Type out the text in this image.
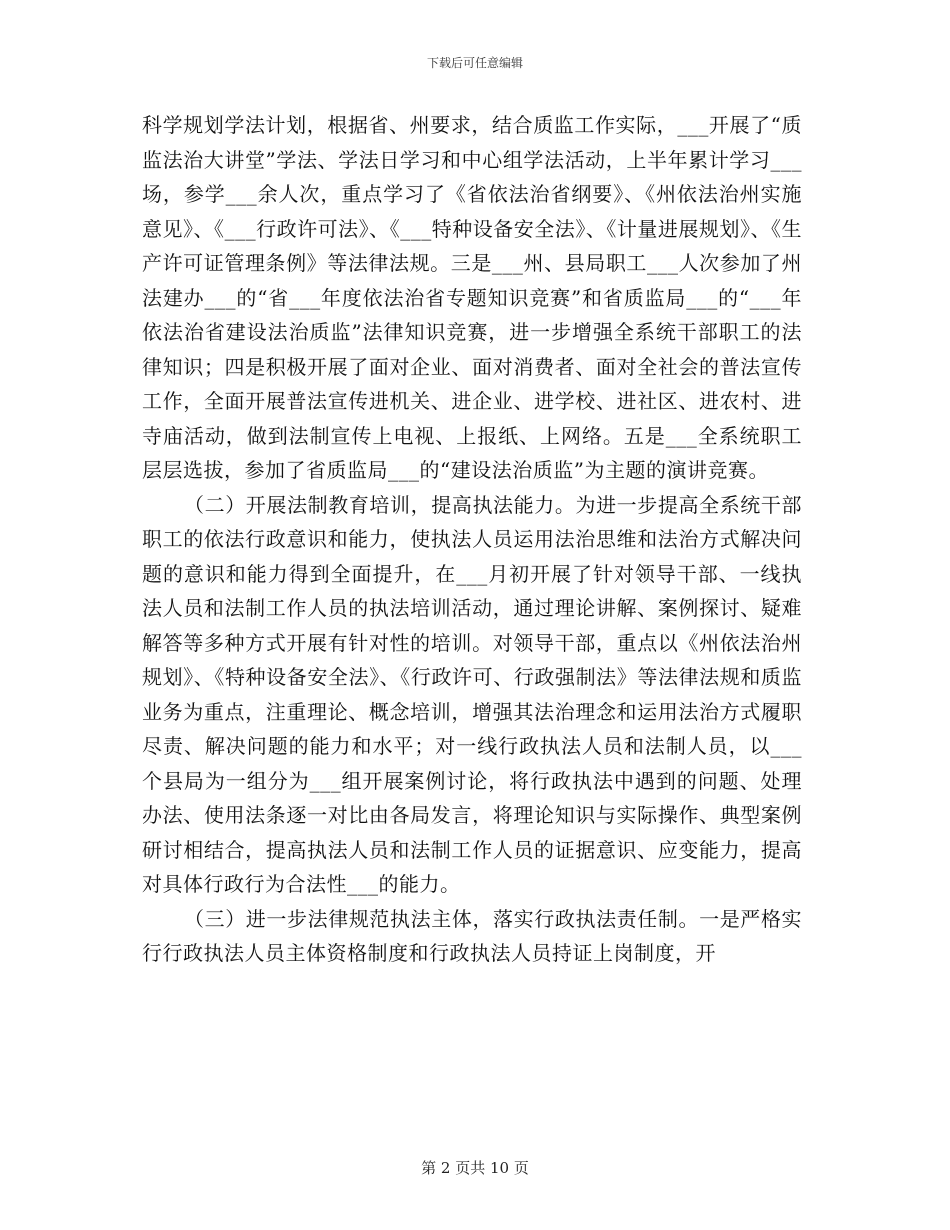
下载后可任意编辑

科学规划学法计划，根据省、州要求，结合质监工作实际，___开展了“质监法治大讲堂”学法、学法日学习和中心组学法活动，上半年累计学习___场，参学___余人次，重点学习了《省依法治省纲要》、《州依法治州实施意见》、《___行政许可法》、《___特种设备安全法》、《计量进展规划》、《生产许可证管理条例》等法律法规。三是___州、县局职工___人次参加了州法建办___的“省___年度依法治省专题知识竞赛”和省质监局___的“___年依法治省建设法治质监”法律知识竞赛，进一步增强全系统干部职工的法律知识；四是积极开展了面对企业、面对消费者、面对全社会的普法宣传工作，全面开展普法宣传进机关、进企业、进学校、进社区、进农村、进寺庙活动，做到法制宣传上电视、上报纸、上网络。五是___全系统职工层层选拔，参加了省质监局___的“建设法治质监”为主题的演讲竞赛。

（二）开展法制教育培训，提高执法能力。为进一步提高全系统干部职工的依法行政意识和能力，使执法人员运用法治思维和法治方式解决问题的意识和能力得到全面提升，在___月初开展了针对领导干部、一线执法人员和法制工作人员的执法培训活动，通过理论讲解、案例探讨、疑难解答等多种方式开展有针对性的培训。对领导干部，重点以《州依法治州规划》、《特种设备安全法》、《行政许可、行政强制法》等法律法规和质监业务为重点，注重理论、概念培训，增强其法治理念和运用法治方式履职尽责、解决问题的能力和水平；对一线行政执法人员和法制人员，以___个县局为一组分为___组开展案例讨论，将行政执法中遇到的问题、处理办法、使用法条逐一对比由各局发言，将理论知识与实际操作、典型案例研讨相结合，提高执法人员和法制工作人员的证据意识、应变能力，提高对具体行政行为合法性___的能力。

（三）进一步法律规范执法主体，落实行政执法责任制。一是严格实行行政执法人员主体资格制度和行政执法人员持证上岗制度，开

第 2 页共 10 页
